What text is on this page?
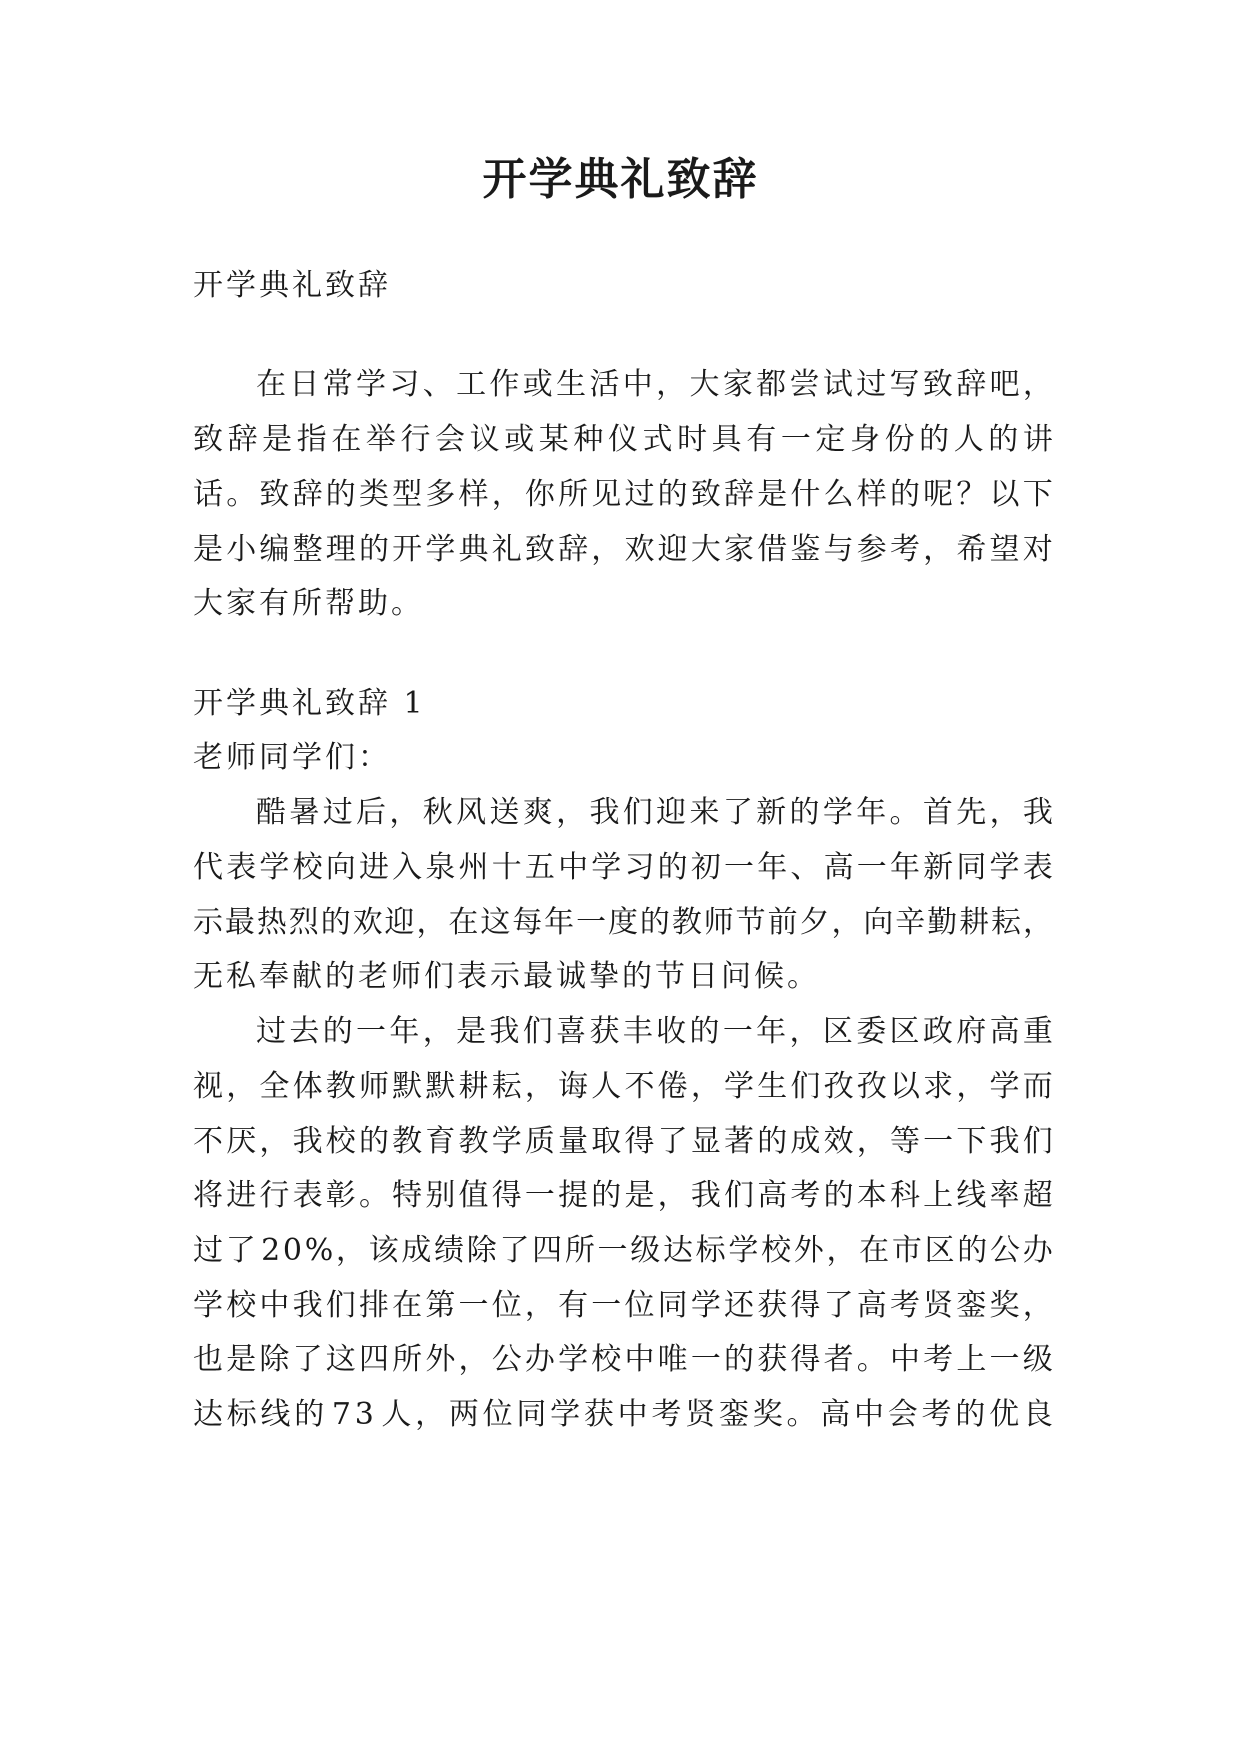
开学典礼致辞
开学典礼致辞
在 日 常 学 习 、 工 作 或 生 活 中 ， 大 家 都 尝 试 过 写 致 辞 吧 ，
致 辞 是 指 在 举 行 会 议 或 某 种 仪 式 时 具 有 一 定 身 份 的 人 的 讲
话 。 致 辞 的 类 型 多 样 ， 你 所 见 过 的 致 辞 是 什 么 样 的 呢 ？ 以 下
是 小 编 整 理 的 开 学 典 礼 致 辞 ， 欢 迎 大 家 借 鉴 与 参 考 ， 希 望 对
大家有所帮助。
开学典礼致辞 1
老师同学们：
酷 暑 过 后 ， 秋 风 送 爽 ， 我 们 迎 来 了 新 的 学 年 。 首 先 ， 我
代 表 学 校 向 进 入 泉 州 十 五 中 学 习 的 初 一 年 、 高 一 年 新 同 学 表
示 最 热 烈 的 欢 迎 ， 在 这 每 年 一 度 的 教 师 节 前 夕 ， 向 辛 勤 耕 耘 ，
无私奉献的老师们表示最诚挚的节日问候。
过 去 的 一 年 ， 是 我 们 喜 获 丰 收 的 一 年 ， 区 委 区 政 府 高 重
视 ， 全 体 教 师 默 默 耕 耘 ， 诲 人 不 倦 ， 学 生 们 孜 孜 以 求 ， 学 而
不 厌 ， 我 校 的 教 育 教 学 质 量 取 得 了 显 著 的 成 效 ， 等 一 下 我 们
将 进 行 表 彰 。 特 别 值 得 一 提 的 是 ， 我 们 高 考 的 本 科 上 线 率 超
过 了 2 0 % ， 该 成 绩 除 了 四 所 一 级 达 标 学 校 外 ， 在 市 区 的 公 办
学 校 中 我 们 排 在 第 一 位 ， 有 一 位 同 学 还 获 得 了 高 考 贤 銮 奖 ，
也 是 除 了 这 四 所 外 ， 公 办 学 校 中 唯 一 的 获 得 者 。 中 考 上 一 级
达 标 线 的 7 3 人 ， 两 位 同 学 获 中 考 贤 銮 奖 。 高 中 会 考 的 优 良
